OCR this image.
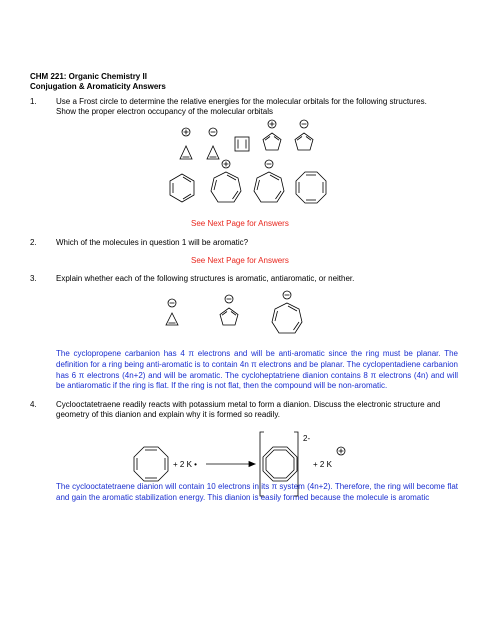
CHM 221: Organic Chemistry II
Conjugation & Aromaticity Answers
1. Use a Frost circle to determine the relative energies for the molecular orbitals for the following structures.
Show the proper electron occupancy of the molecular orbitals
See Next Page for Answers
2. Which of the molecules in question 1 will be aromatic?
See Next Page for Answers
3. Explain whether each of the following structures is aromatic, antiaromatic, or neither.
The cyclopropene carbanion has 4 π electrons and will be anti-aromatic since the ring must be planar. The definition for a ring being anti-aromatic is to contain 4n π electrons and be planar. The cyclopentadiene carbanion has 6 π electrons (4n+2) and will be aromatic. The cycloheptatriene dianion contains 8 π electrons (4n) and will be antiaromatic if the ring is flat. If the ring is not flat, then the compound will be non-aromatic.
4. Cyclooctatetraene readily reacts with potassium metal to form a dianion. Discuss the electronic structure and
geometry of this dianion and explain why it is formed so readily.
+ 2 K •
2-
+ 2 K
The cyclooctatetraene dianion will contain 10 electrons in its π system (4n+2). Therefore, the ring will become flat and gain the aromatic stabilization energy. This dianion is easily formed because the molecule is aromatic
